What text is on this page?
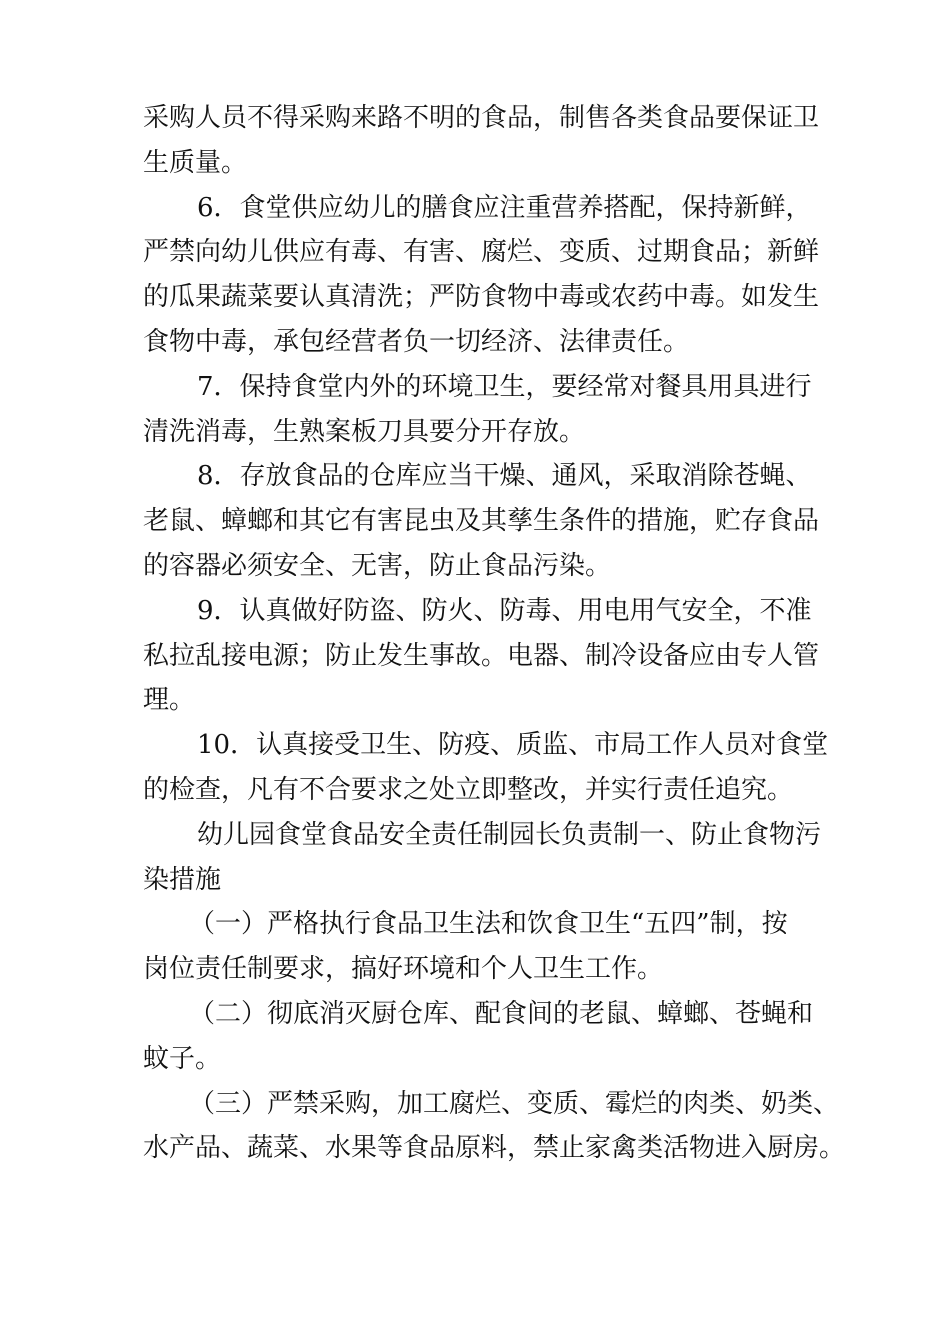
采购人员不得采购来路不明的食品，制售各类食品要保证卫
生质量。
6．食堂供应幼儿的膳食应注重营养搭配，保持新鲜，
严禁向幼儿供应有毒、有害、腐烂、变质、过期食品；新鲜
的瓜果蔬菜要认真清洗；严防食物中毒或农药中毒。如发生
食物中毒，承包经营者负一切经济、法律责任。
7．保持食堂内外的环境卫生，要经常对餐具用具进行
清洗消毒，生熟案板刀具要分开存放。
8．存放食品的仓库应当干燥、通风，采取消除苍蝇、
老鼠、蟑螂和其它有害昆虫及其孳生条件的措施，贮存食品
的容器必须安全、无害，防止食品污染。
9．认真做好防盗、防火、防毒、用电用气安全，不准
私拉乱接电源；防止发生事故。电器、制冷设备应由专人管
理。
10．认真接受卫生、防疫、质监、市局工作人员对食堂
的检查，凡有不合要求之处立即整改，并实行责任追究。
幼儿园食堂食品安全责任制园长负责制一、防止食物污
染措施
（一）严格执行食品卫生法和饮食卫生“五四”制，按
岗位责任制要求，搞好环境和个人卫生工作。
（二）彻底消灭厨仓库、配食间的老鼠、蟑螂、苍蝇和
蚊子。
（三）严禁采购，加工腐烂、变质、霉烂的肉类、奶类、
水产品、蔬菜、水果等食品原料，禁止家禽类活物进入厨房。
